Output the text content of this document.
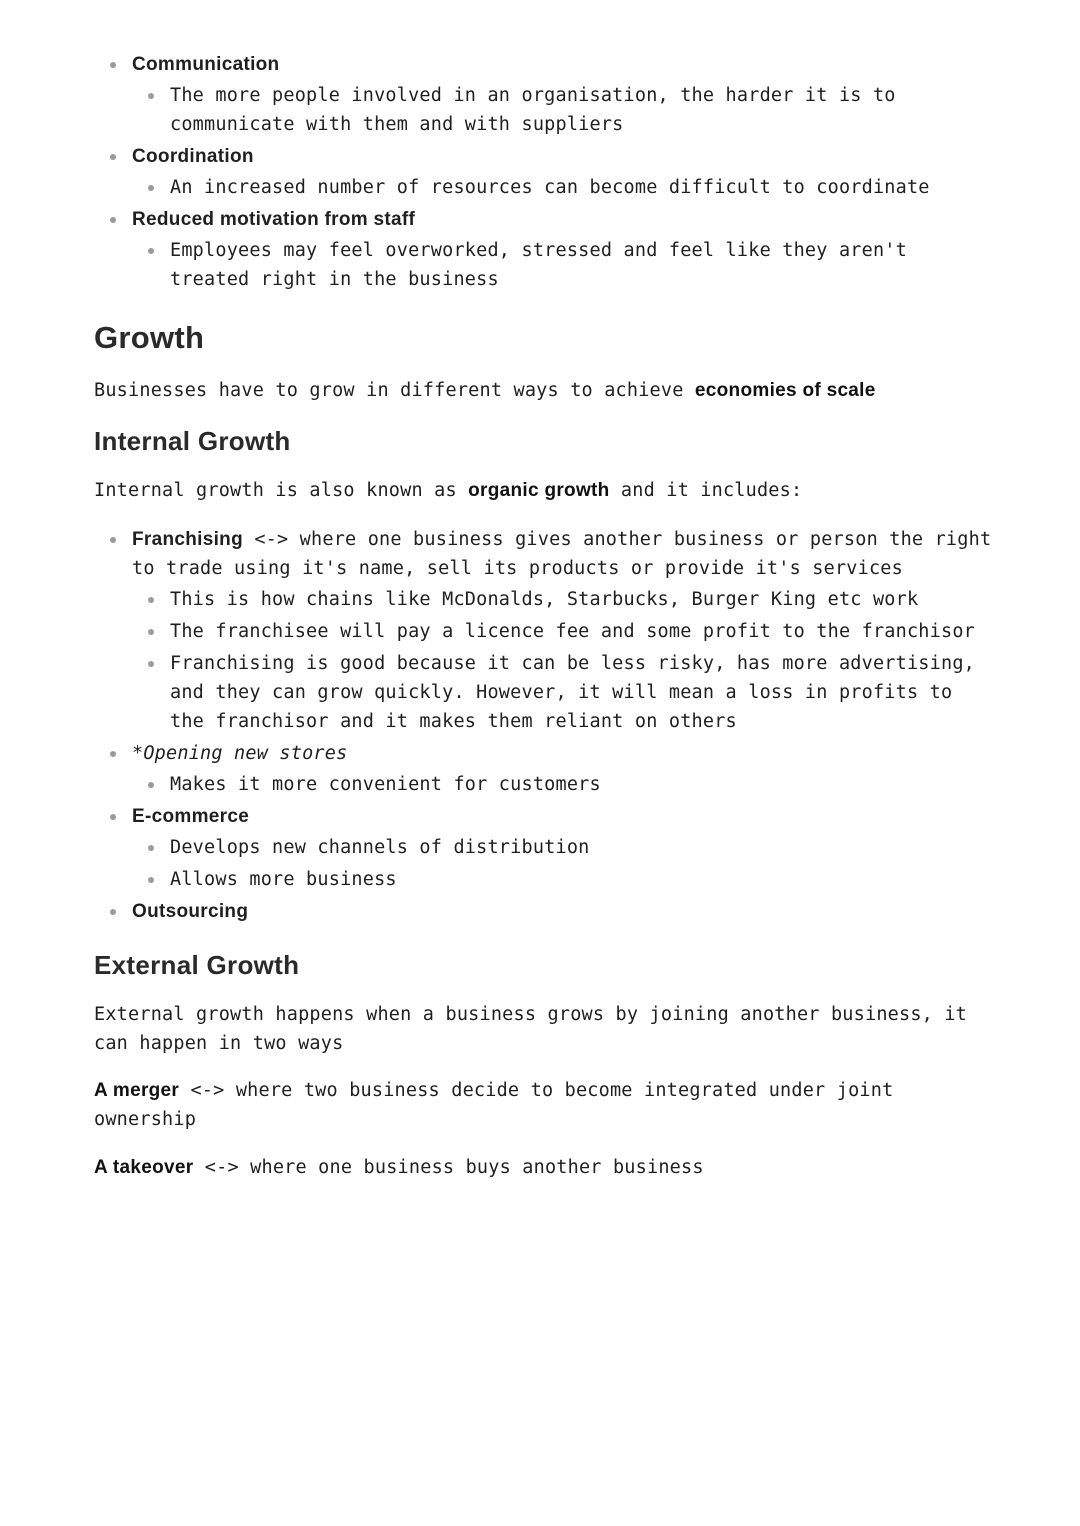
Communication
The more people involved in an organisation, the harder it is to communicate with them and with suppliers
Coordination
An increased number of resources can become difficult to coordinate
Reduced motivation from staff
Employees may feel overworked, stressed and feel like they aren't treated right in the business
Growth

Businesses have to grow in different ways to achieve economies of scale

Internal Growth

Internal growth is also known as organic growth and it includes:

Franchising <-> where one business gives another business or person the right to trade using it's name, sell its products or provide it's services
This is how chains like McDonalds, Starbucks, Burger King etc work
The franchisee will pay a licence fee and some profit to the franchisor
Franchising is good because it can be less risky, has more advertising, and they can grow quickly. However, it will mean a loss in profits to the franchisor and it makes them reliant on others
*Opening new stores
Makes it more convenient for customers
E-commerce
Develops new channels of distribution
Allows more business
Outsourcing
External Growth

External growth happens when a business grows by joining another business, it can happen in two ways

A merger <-> where two business decide to become integrated under joint ownership

A takeover <-> where one business buys another business
